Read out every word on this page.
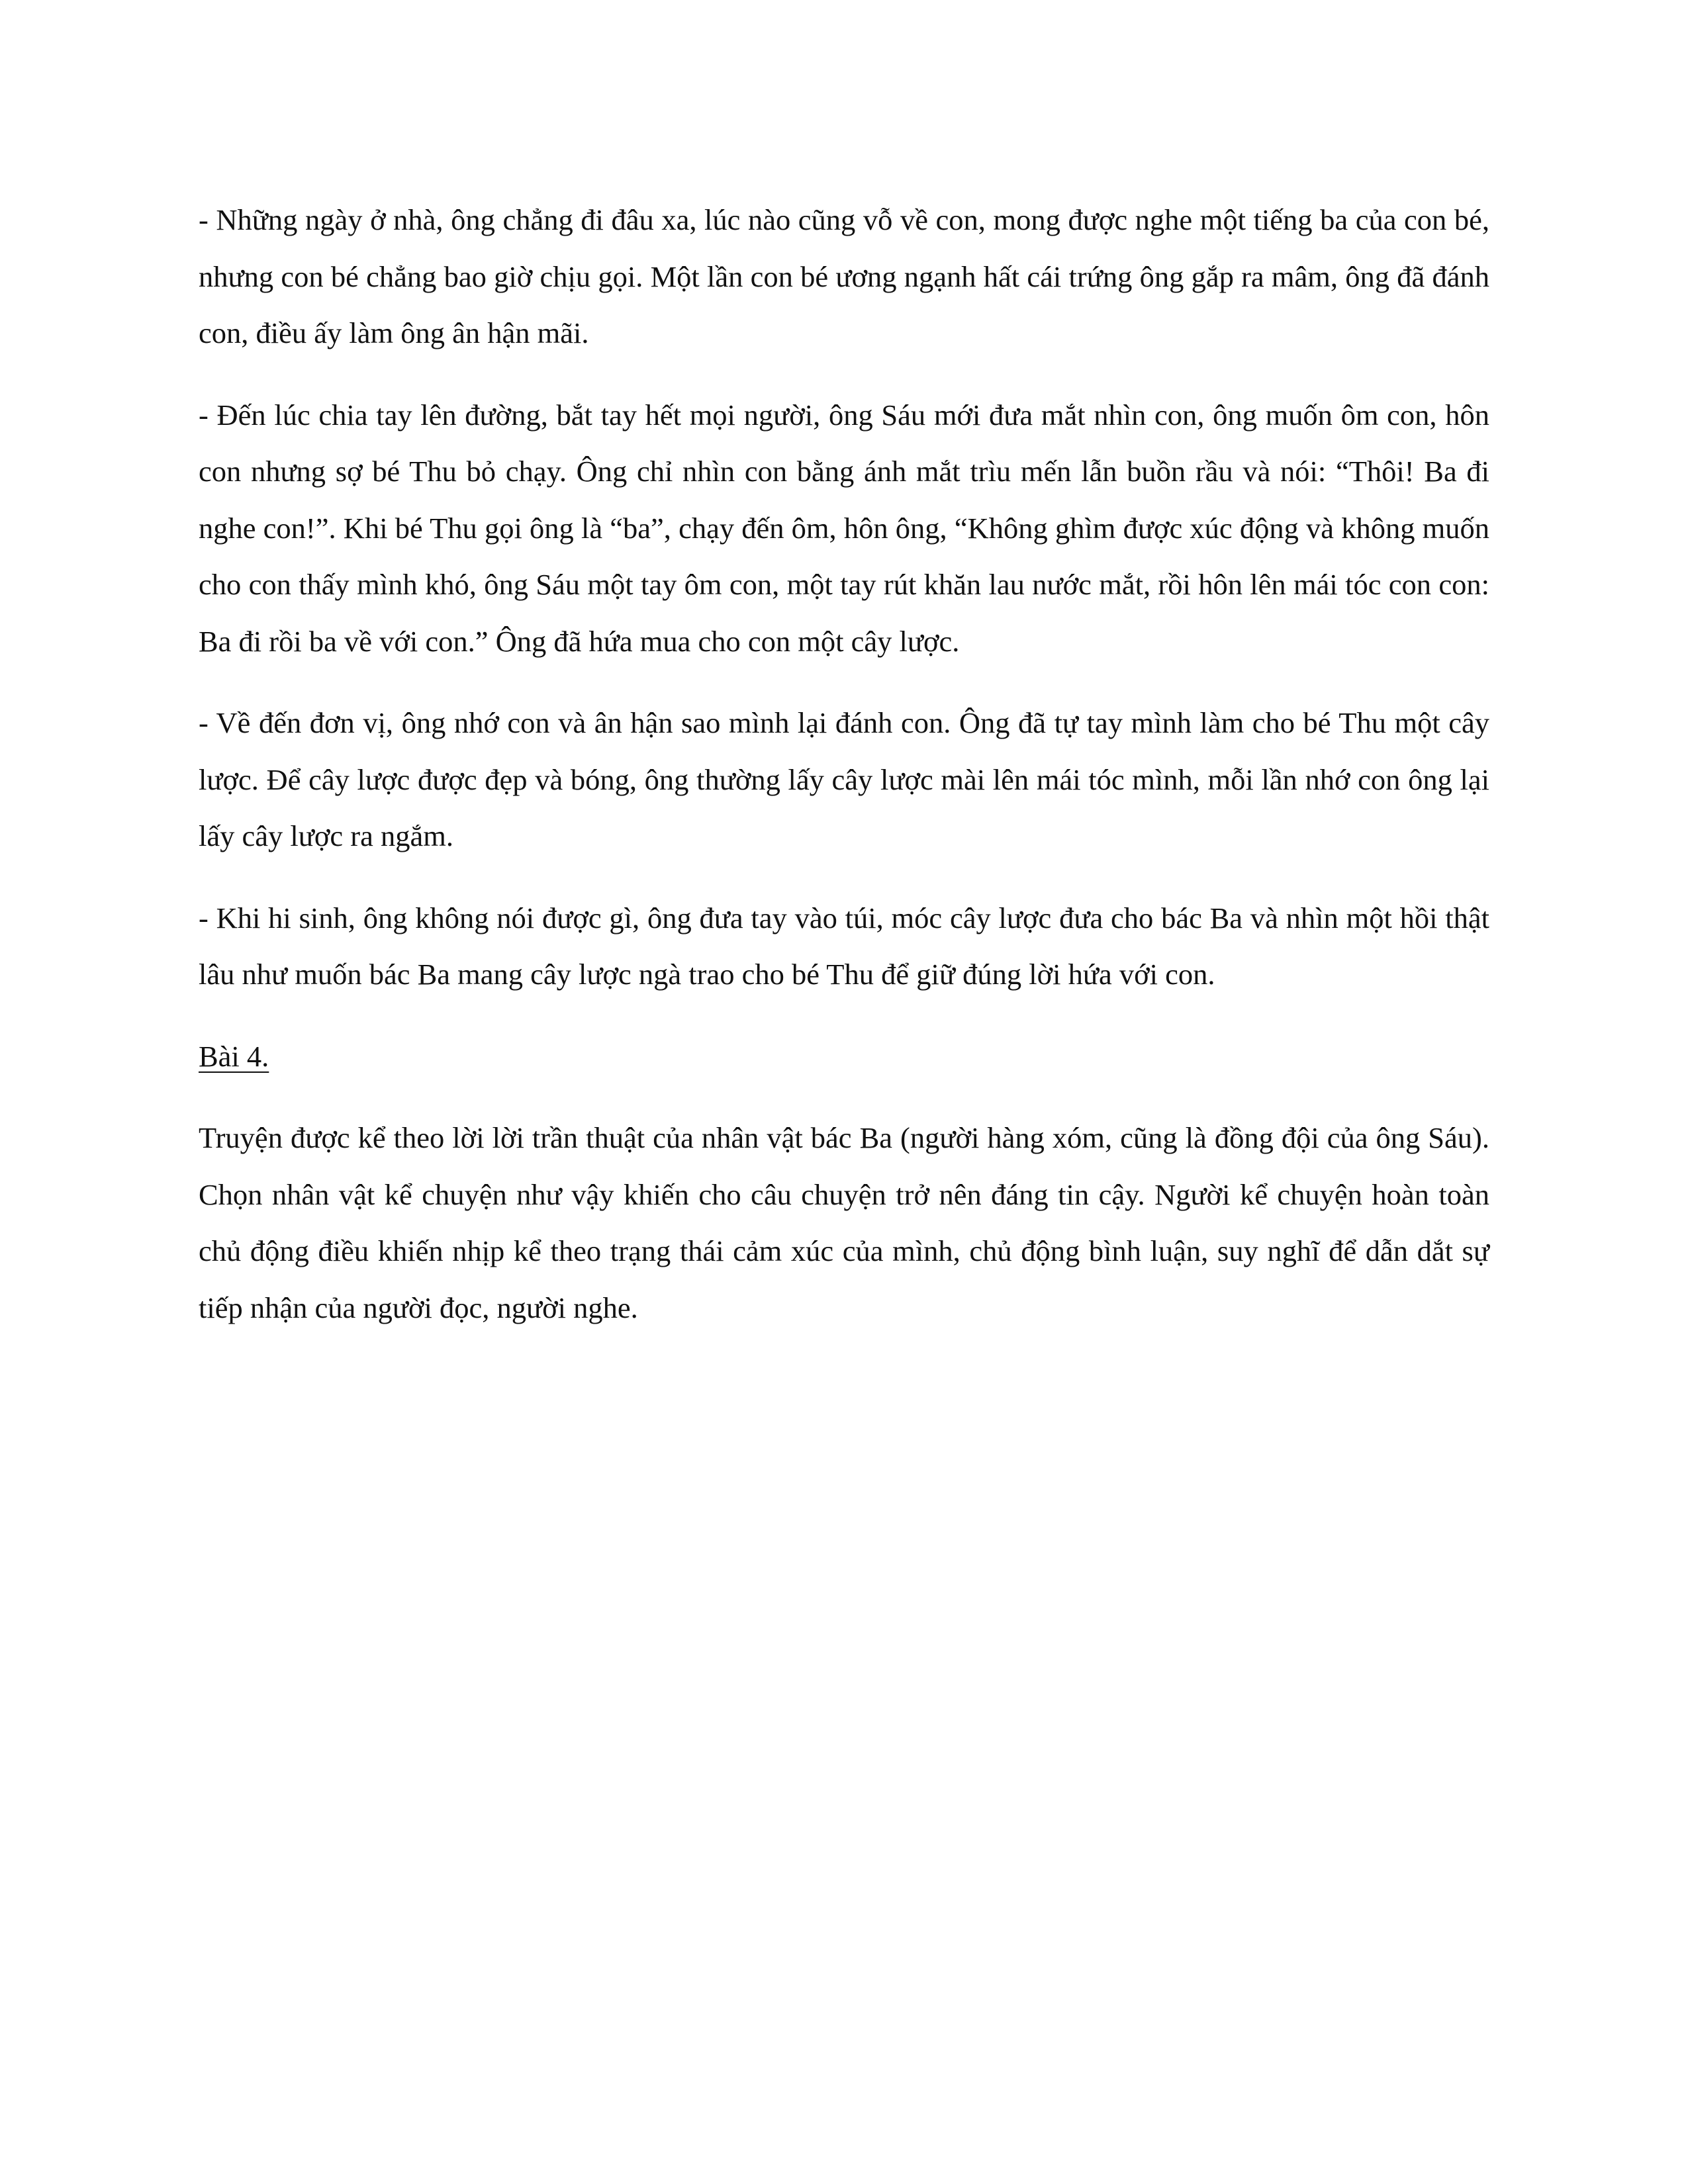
- Những ngày ở nhà, ông chẳng đi đâu xa, lúc nào cũng vỗ về con, mong được nghe một tiếng ba của con bé, nhưng con bé chẳng bao giờ chịu gọi. Một lần con bé ương ngạnh hất cái trứng ông gắp ra mâm, ông đã đánh con, điều ấy làm ông ân hận mãi.

- Đến lúc chia tay lên đường, bắt tay hết mọi người, ông Sáu mới đưa mắt nhìn con, ông muốn ôm con, hôn con nhưng sợ bé Thu bỏ chạy. Ông chỉ nhìn con bằng ánh mắt trìu mến lẫn buồn rầu và nói: “Thôi! Ba đi nghe con!”. Khi bé Thu gọi ông là “ba”, chạy đến ôm, hôn ông, “Không ghìm được xúc động và không muốn cho con thấy mình khó, ông Sáu một tay ôm con, một tay rút khăn lau nước mắt, rồi hôn lên mái tóc con con: Ba đi rồi ba về với con.” Ông đã hứa mua cho con một cây lược.

- Về đến đơn vị, ông nhớ con và ân hận sao mình lại đánh con. Ông đã tự tay mình làm cho bé Thu một cây lược. Để cây lược được đẹp và bóng, ông thường lấy cây lược mài lên mái tóc mình, mỗi lần nhớ con ông lại lấy cây lược ra ngắm.

- Khi hi sinh, ông không nói được gì, ông đưa tay vào túi, móc cây lược đưa cho bác Ba và nhìn một hồi thật lâu như muốn bác Ba mang cây lược ngà trao cho bé Thu để giữ đúng lời hứa với con.

Bài 4.

Truyện được kể theo lời lời trần thuật của nhân vật bác Ba (người hàng xóm, cũng là đồng đội của ông Sáu). Chọn nhân vật kể chuyện như vậy khiến cho câu chuyện trở nên đáng tin cậy. Người kể chuyện hoàn toàn chủ động điều khiến nhịp kể theo trạng thái cảm xúc của mình, chủ động bình luận, suy nghĩ để dẫn dắt sự tiếp nhận của người đọc, người nghe.
